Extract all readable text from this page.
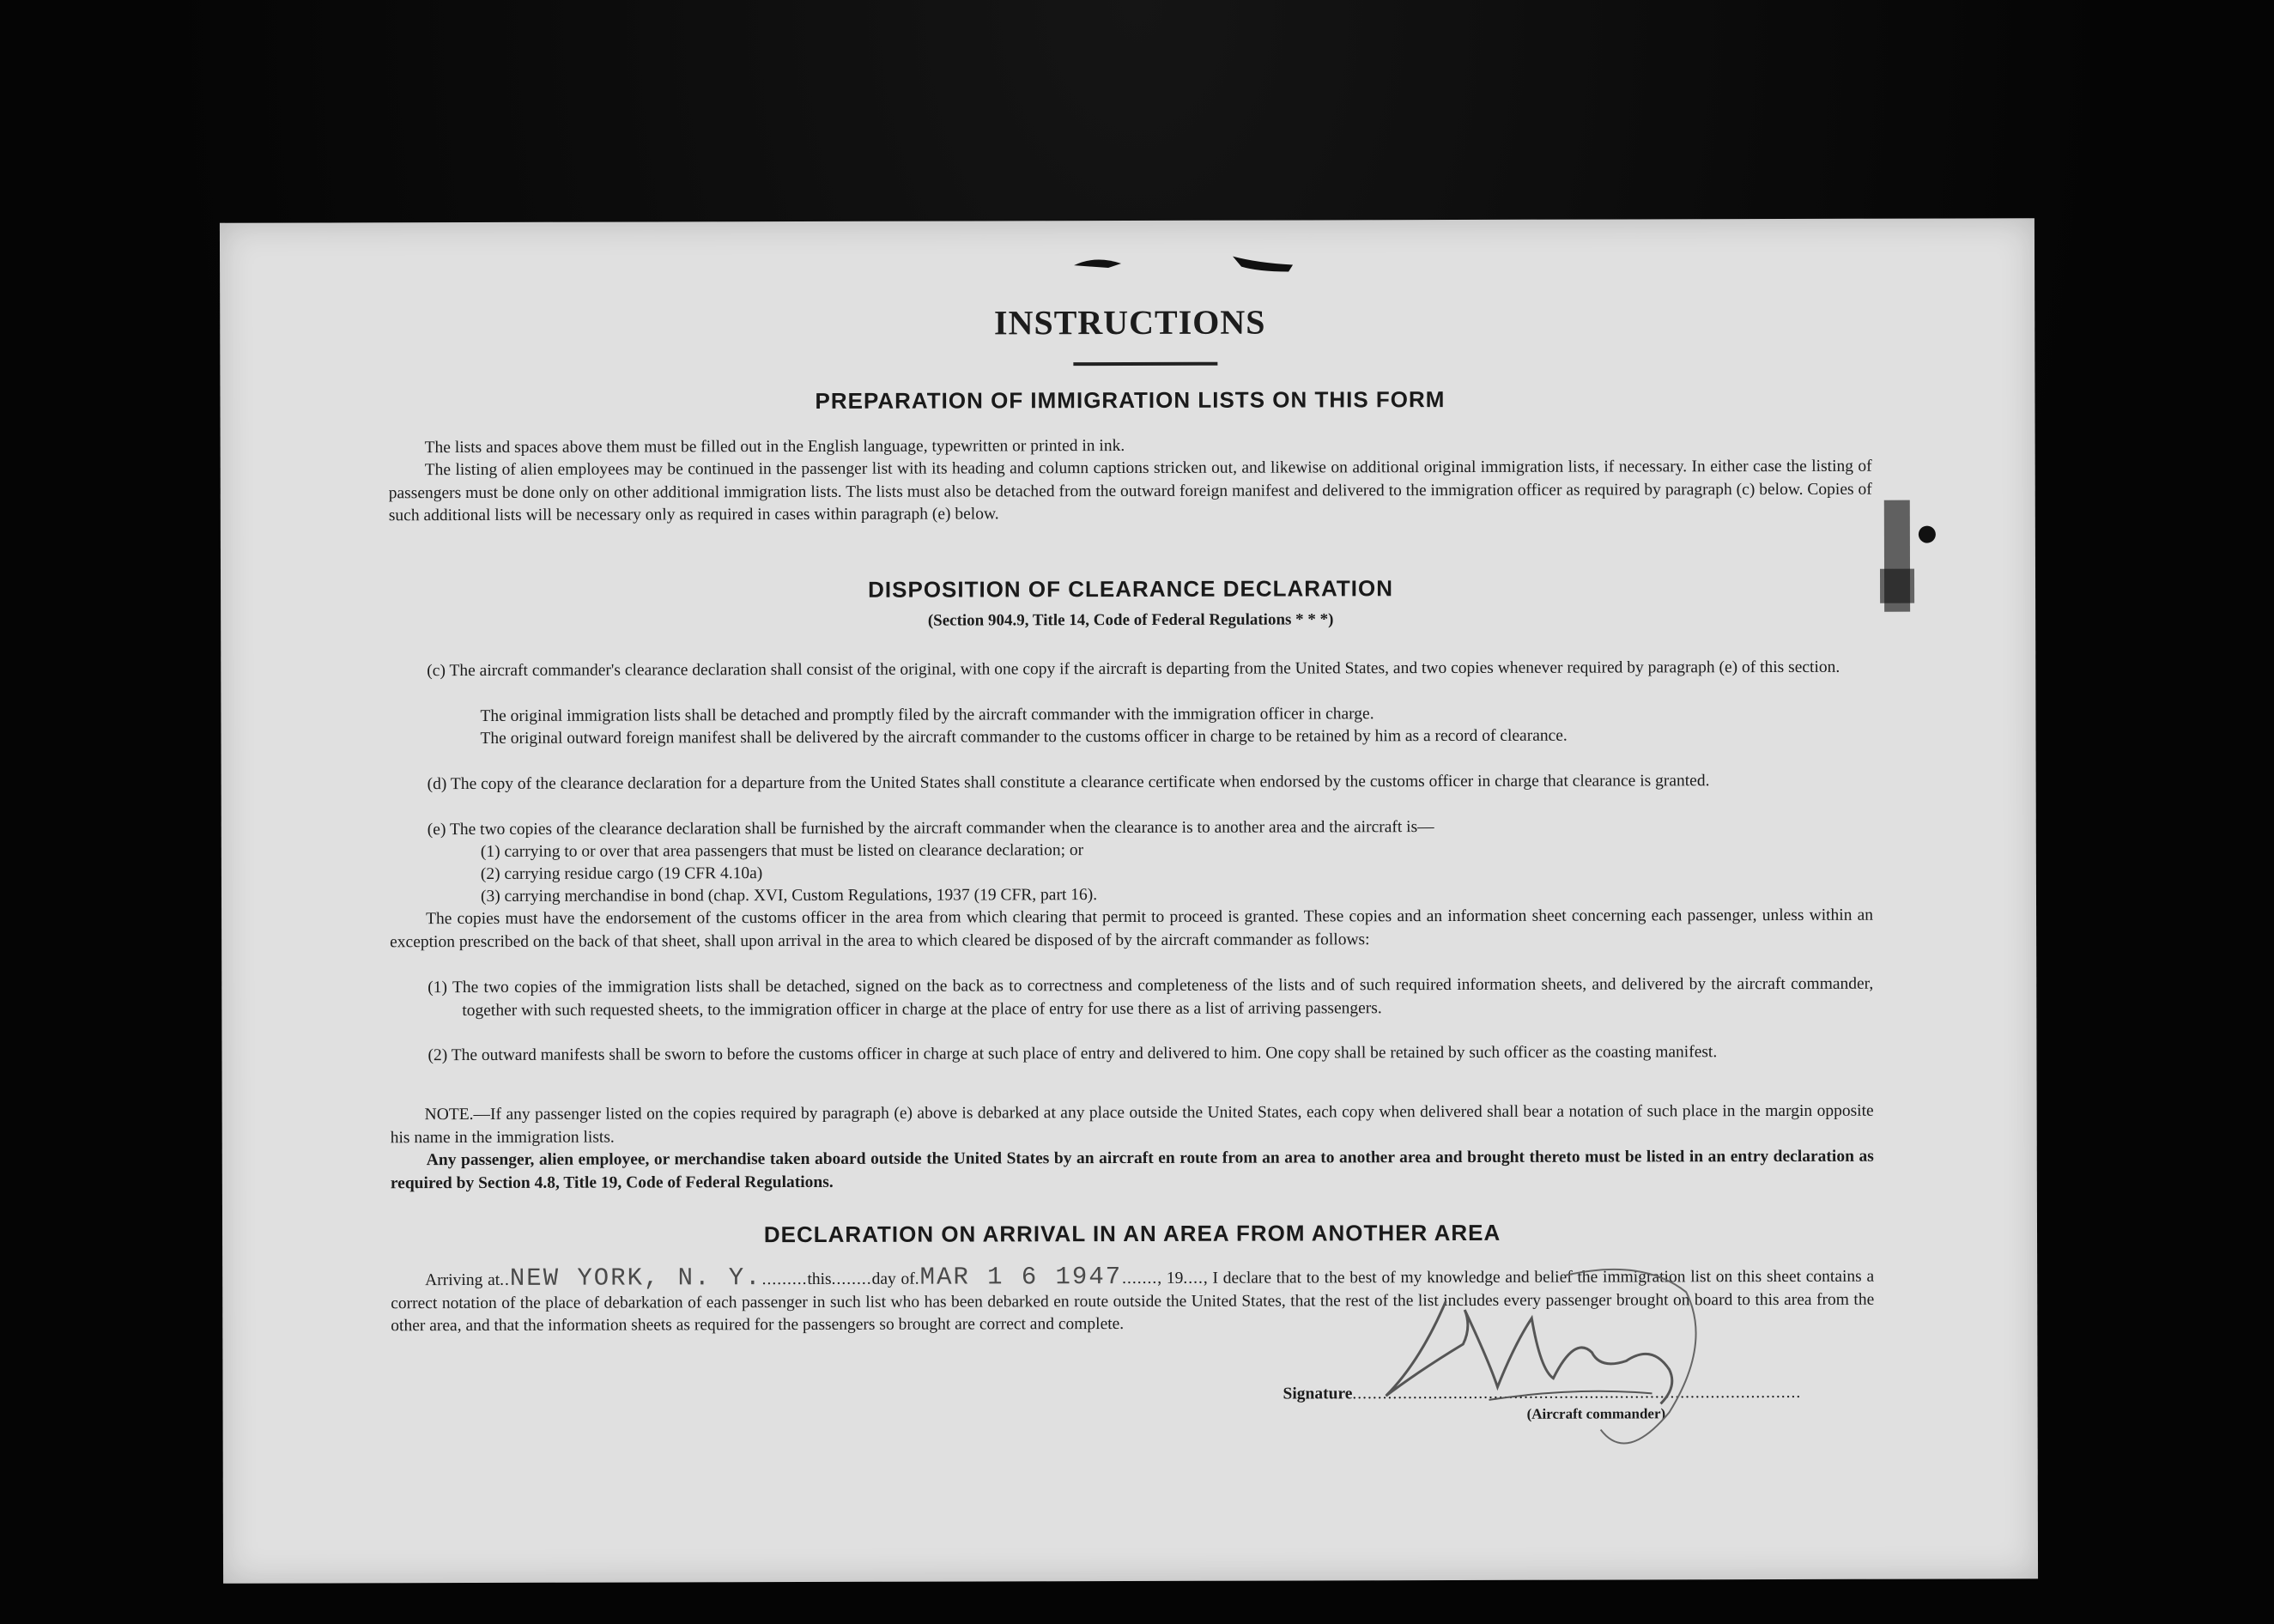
INSTRUCTIONS
PREPARATION OF IMMIGRATION LISTS ON THIS FORM
The lists and spaces above them must be filled out in the English language, typewritten or printed in ink.
The listing of alien employees may be continued in the passenger list with its heading and column captions stricken out, and likewise on additional original immigration lists, if necessary. In either case the listing of passengers must be done only on other additional immigration lists. The lists must also be detached from the outward foreign manifest and delivered to the immigration officer as required by paragraph (c) below. Copies of such additional lists will be necessary only as required in cases within paragraph (e) below.
DISPOSITION OF CLEARANCE DECLARATION
(Section 904.9, Title 14, Code of Federal Regulations * * *)
(c) The aircraft commander's clearance declaration shall consist of the original, with one copy if the aircraft is departing from the United States, and two copies whenever required by paragraph (e) of this section.
The original immigration lists shall be detached and promptly filed by the aircraft commander with the immigration officer in charge.
The original outward foreign manifest shall be delivered by the aircraft commander to the customs officer in charge to be retained by him as a record of clearance.
(d) The copy of the clearance declaration for a departure from the United States shall constitute a clearance certificate when endorsed by the customs officer in charge that clearance is granted.
(e) The two copies of the clearance declaration shall be furnished by the aircraft commander when the clearance is to another area and the aircraft is—
(1) carrying to or over that area passengers that must be listed on clearance declaration; or
(2) carrying residue cargo (19 CFR 4.10a)
(3) carrying merchandise in bond (chap. XVI, Custom Regulations, 1937 (19 CFR, part 16).
The copies must have the endorsement of the customs officer in the area from which clearing that permit to proceed is granted. These copies and an information sheet concerning each passenger, unless within an exception prescribed on the back of that sheet, shall upon arrival in the area to which cleared be disposed of by the aircraft commander as follows:
(1) The two copies of the immigration lists shall be detached, signed on the back as to correctness and completeness of the lists and of such required information sheets, and delivered by the aircraft commander, together with such requested sheets, to the immigration officer in charge at the place of entry for use there as a list of arriving passengers.
(2) The outward manifests shall be sworn to before the customs officer in charge at such place of entry and delivered to him. One copy shall be retained by such officer as the coasting manifest.
NOTE.—If any passenger listed on the copies required by paragraph (e) above is debarked at any place outside the United States, each copy when delivered shall bear a notation of such place in the margin opposite his name in the immigration lists.
Any passenger, alien employee, or merchandise taken aboard outside the United States by an aircraft en route from an area to another area and brought thereto must be listed in an entry declaration as required by Section 4.8, Title 19, Code of Federal Regulations.
DECLARATION ON ARRIVAL IN AN AREA FROM ANOTHER AREA
Arriving at..NEW YORK, N. Y..........this........day of.MAR 1 6 1947......., 19...., I declare that to the best of my knowledge and belief the immigration list on this sheet contains a correct notation of the place of debarkation of each passenger in such list who has been debarked en route outside the United States, that the rest of the list includes every passenger brought on board to this area from the other area, and that the information sheets as required for the passengers so brought are correct and complete.
Signature.........................................................................................
(Aircraft commander)
